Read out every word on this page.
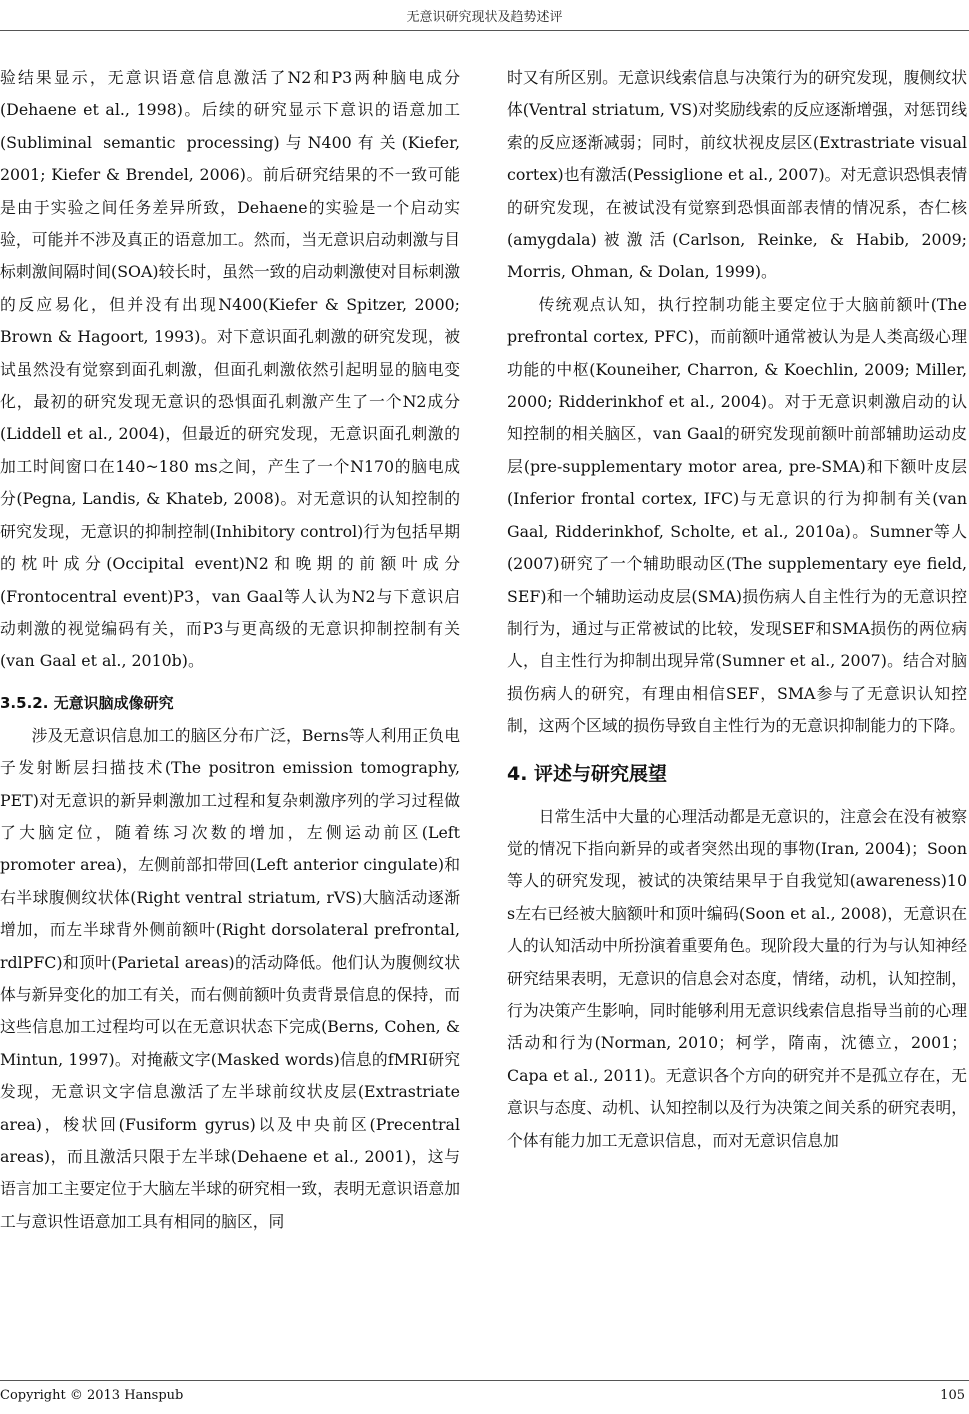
无意识研究现状及趋势述评

验结果显示，无意识语意信息激活了N2和P3两种脑电成分(Dehaene et al., 1998)。后续的研究显示下意识的语意加工(Subliminal semantic processing)与N400有关(Kiefer, 2001; Kiefer & Brendel, 2006)。前后研究结果的不一致可能是由于实验之间任务差异所致，Dehaene的实验是一个启动实验，可能并不涉及真正的语意加工。然而，当无意识启动刺激与目标刺激间隔时间(SOA)较长时，虽然一致的启动刺激使对目标刺激的反应易化，但并没有出现N400(Kiefer & Spitzer, 2000; Brown & Hagoort, 1993)。对下意识面孔刺激的研究发现，被试虽然没有觉察到面孔刺激，但面孔刺激依然引起明显的脑电变化，最初的研究发现无意识的恐惧面孔刺激产生了一个N2成分(Liddell et al., 2004)，但最近的研究发现，无意识面孔刺激的加工时间窗口在140~180 ms之间，产生了一个N170的脑电成分(Pegna, Landis, & Khateb, 2008)。对无意识的认知控制的研究发现，无意识的抑制控制(Inhibitory control)行为包括早期的枕叶成分(Occipital event)N2和晚期的前额叶成分(Frontocentral event)P3，van Gaal等人认为N2与下意识启动刺激的视觉编码有关，而P3与更高级的无意识抑制控制有关(van Gaal et al., 2010b)。

3.5.2. 无意识脑成像研究

涉及无意识信息加工的脑区分布广泛，Berns等人利用正负电子发射断层扫描技术(The positron emission tomography, PET)对无意识的新异刺激加工过程和复杂刺激序列的学习过程做了大脑定位，随着练习次数的增加，左侧运动前区(Left promoter area)，左侧前部扣带回(Left anterior cingulate)和右半球腹侧纹状体(Right ventral striatum, rVS)大脑活动逐渐增加，而左半球背外侧前额叶(Right dorsolateral prefrontal, rdlPFC)和顶叶(Parietal areas)的活动降低。他们认为腹侧纹状体与新异变化的加工有关，而右侧前额叶负责背景信息的保持，而这些信息加工过程均可以在无意识状态下完成(Berns, Cohen, & Mintun, 1997)。对掩蔽文字(Masked words)信息的fMRI研究发现，无意识文字信息激活了左半球前纹状皮层(Extrastriate area)，梭状回(Fusiform gyrus)以及中央前区(Precentral areas)，而且激活只限于左半球(Dehaene et al., 2001)，这与语言加工主要定位于大脑左半球的研究相一致，表明无意识语意加工与意识性语意加工具有相同的脑区，同

时又有所区别。无意识线索信息与决策行为的研究发现，腹侧纹状体(Ventral striatum, VS)对奖励线索的反应逐渐增强，对惩罚线索的反应逐渐减弱；同时，前纹状视皮层区(Extrastriate visual cortex)也有激活(Pessiglione et al., 2007)。对无意识恐惧表情的研究发现，在被试没有觉察到恐惧面部表情的情况系，杏仁核(amygdala)被激活(Carlson, Reinke, & Habib, 2009; Morris, Ohman, & Dolan, 1999)。

传统观点认知，执行控制功能主要定位于大脑前额叶(The prefrontal cortex, PFC)，而前额叶通常被认为是人类高级心理功能的中枢(Kouneiher, Charron, & Koechlin, 2009; Miller, 2000; Ridderinkhof et al., 2004)。对于无意识刺激启动的认知控制的相关脑区，van Gaal的研究发现前额叶前部辅助运动皮层(pre-supplementary motor area, pre-SMA)和下额叶皮层(Inferior frontal cortex, IFC)与无意识的行为抑制有关(van Gaal, Ridderinkhof, Scholte, et al., 2010a)。Sumner等人(2007)研究了一个辅助眼动区(The supplementary eye field, SEF)和一个辅助运动皮层(SMA)损伤病人自主性行为的无意识控制行为，通过与正常被试的比较，发现SEF和SMA损伤的两位病人，自主性行为抑制出现异常(Sumner et al., 2007)。结合对脑损伤病人的研究，有理由相信SEF，SMA参与了无意识认知控制，这两个区域的损伤导致自主性行为的无意识抑制能力的下降。

4. 评述与研究展望

日常生活中大量的心理活动都是无意识的，注意会在没有被察觉的情况下指向新异的或者突然出现的事物(Iran, 2004)；Soon等人的研究发现，被试的决策结果早于自我觉知(awareness)10 s左右已经被大脑额叶和顶叶编码(Soon et al., 2008)，无意识在人的认知活动中所扮演着重要角色。现阶段大量的行为与认知神经研究结果表明，无意识的信息会对态度，情绪，动机，认知控制，行为决策产生影响，同时能够利用无意识线索信息指导当前的心理活动和行为(Norman, 2010；柯学，隋南，沈德立，2001；Capa et al., 2011)。无意识各个方向的研究并不是孤立存在，无意识与态度、动机、认知控制以及行为决策之间关系的研究表明，个体有能力加工无意识信息，而对无意识信息加

Copyright © 2013 Hanspub	105
